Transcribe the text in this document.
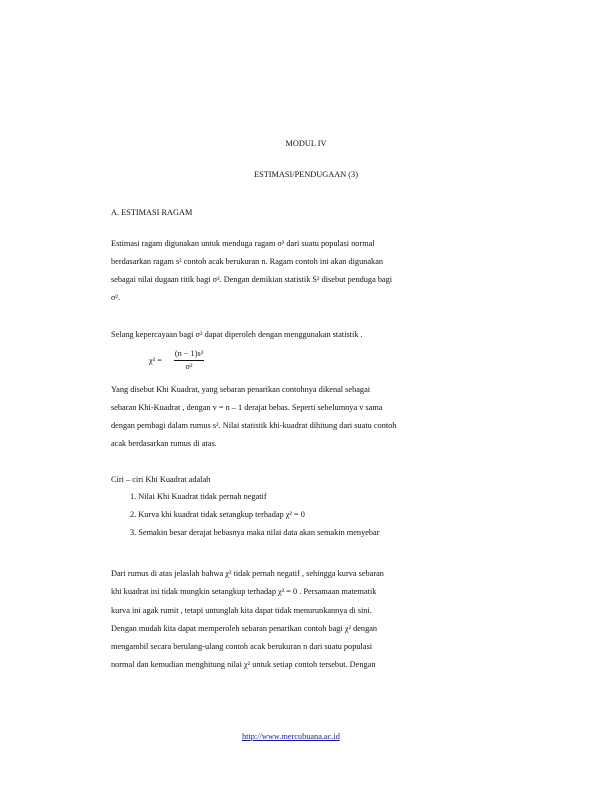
MODUL IV
ESTIMASI/PENDUGAAN (3)
A. ESTIMASI RAGAM
Estimasi ragam digunakan untuk menduga ragam σ² dari suatu populasi normal
berdasarkan ragam s² contoh acak berukuran n. Ragam contoh ini akan digunakan
sebagai nilai dugaan titik bagi σ². Dengan demikian statistik S² disebut penduga bagi
σ².
Selang kepercayaan bagi σ² dapat diperoleh dengan menggunakan statistik .
χ² =
(n − 1)s²
σ²
Yang disebut Khi Kuadrat, yang sebaran penarikan contohnya dikenal sebagai
sebaran Khi-Kuadrat , dengan v = n – 1 derajat bebas. Seperti sebelumnya v sama
dengan pembagi dalam rumus s². Nilai statistik khi-kuadrat dihitung dari suatu contoh
acak berdasarkan rumus di atas.
Ciri – ciri Khi Kuadrat adalah
1. Nilai Khi Kuadrat tidak pernah negatif
2. Kurva khi kuadrat tidak setangkup terhadap χ² = 0
3. Semakin besar derajat bebasnya maka nilai data akan semakin menyebar
Dari rumus di atas jelaslah bahwa χ² tidak pernah negatif , sehingga kurva sebaran
khi kuadrat ini tidak mungkin setangkup terhadap χ² = 0 . Persamaan matematik
kurva ini agak rumit , tetapi untunglah kita dapat tidak menurunkannya di sini.
Dengan mudah kita dapat memperoleh sebaran penarikan contoh bagi χ² dengan
mengambil secara berulang-ulang contoh acak berukuran n dari suatu populasi
normal dan kemudian menghitung nilai χ² untuk setiap contoh tersebut. Dengan
http://www.mercubuana.ac.id
